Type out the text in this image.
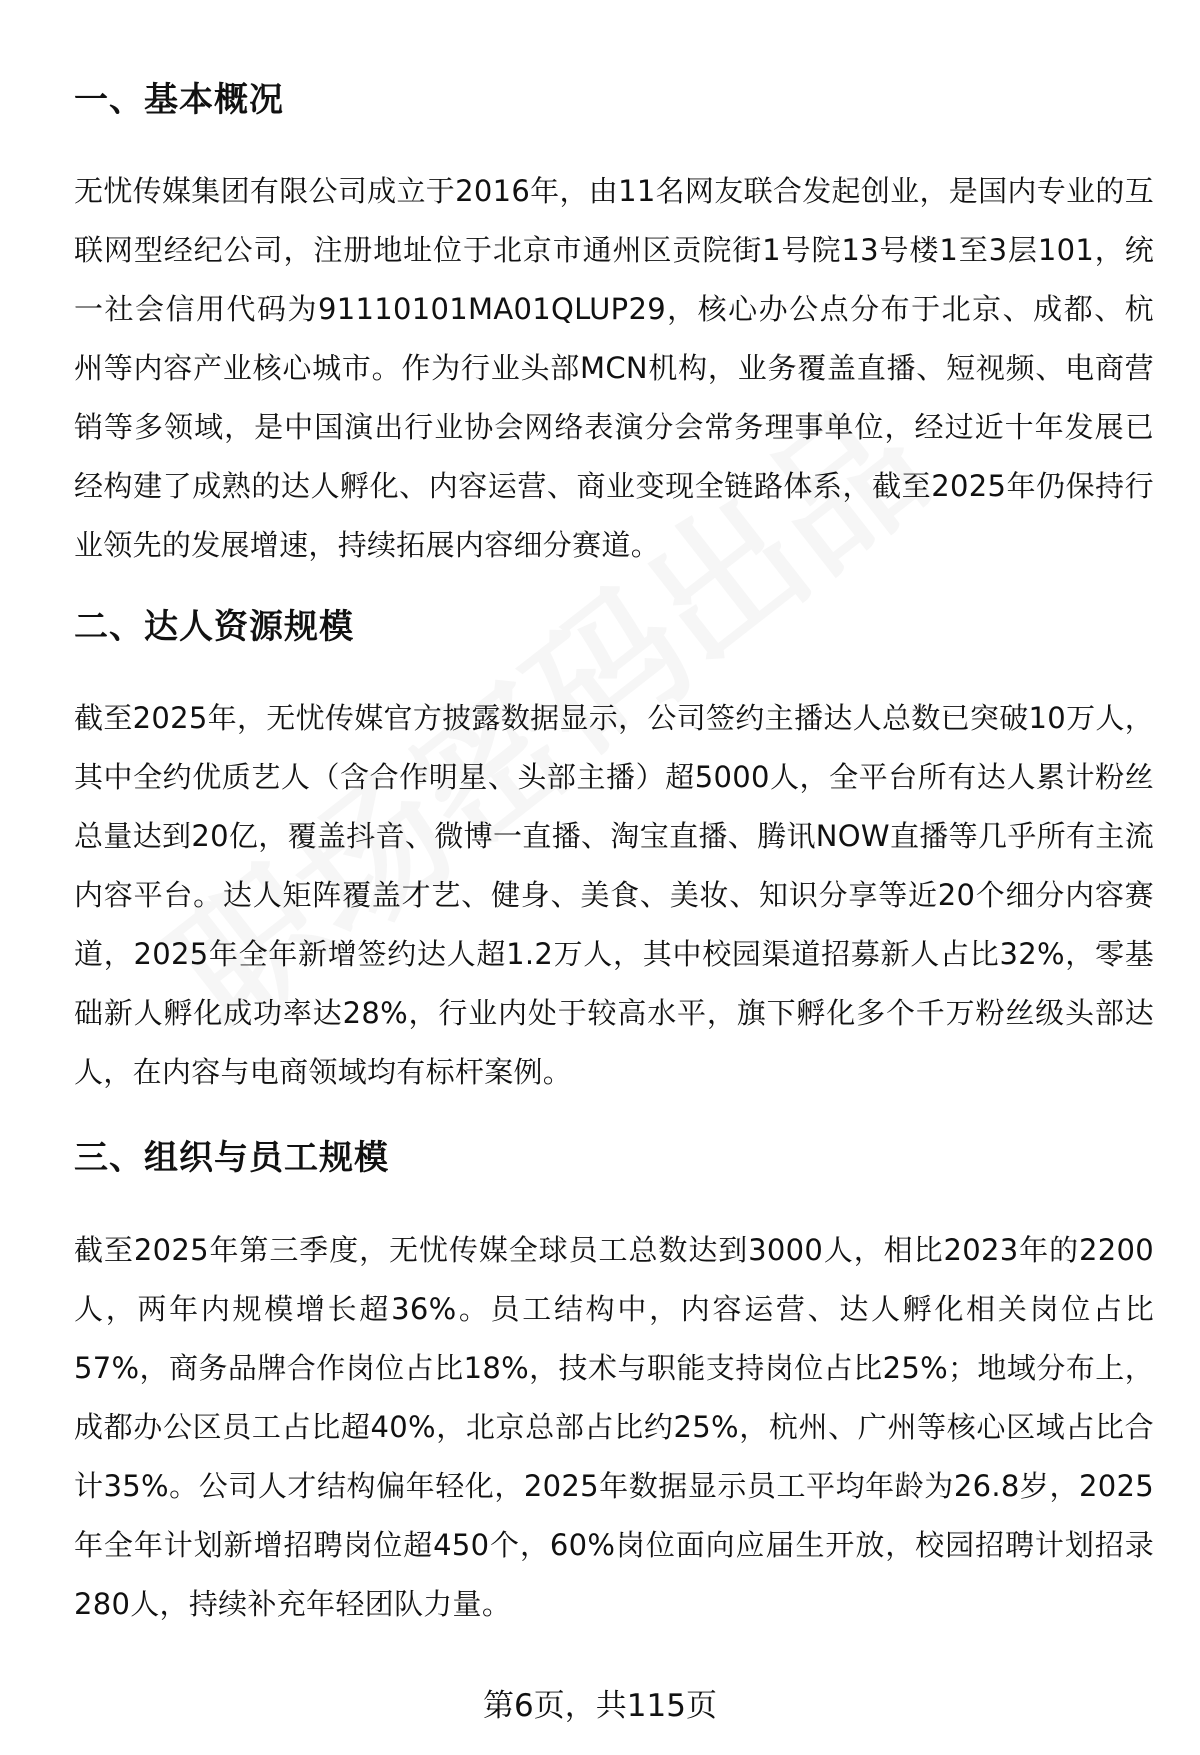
一、基本概况

无忧传媒集团有限公司成立于2016年，由11名网友联合发起创业，是国内专业的互联网型经纪公司，注册地址位于北京市通州区贡院街1号院13号楼1至3层101，统一社会信用代码为91110101MA01QLUP29，核心办公点分布于北京、成都、杭州等内容产业核心城市。作为行业头部MCN机构，业务覆盖直播、短视频、电商营销等多领域，是中国演出行业协会网络表演分会常务理事单位，经过近十年发展已经构建了成熟的达人孵化、内容运营、商业变现全链路体系，截至2025年仍保持行业领先的发展增速，持续拓展内容细分赛道。

二、达人资源规模

截至2025年，无忧传媒官方披露数据显示，公司签约主播达人总数已突破10万人，其中全约优质艺人（含合作明星、头部主播）超5000人，全平台所有达人累计粉丝总量达到20亿，覆盖抖音、微博一直播、淘宝直播、腾讯NOW直播等几乎所有主流内容平台。达人矩阵覆盖才艺、健身、美食、美妆、知识分享等近20个细分内容赛道，2025年全年新增签约达人超1.2万人，其中校园渠道招募新人占比32%，零基础新人孵化成功率达28%，行业内处于较高水平，旗下孵化多个千万粉丝级头部达人，在内容与电商领域均有标杆案例。

三、组织与员工规模

截至2025年第三季度，无忧传媒全球员工总数达到3000人，相比2023年的2200人，两年内规模增长超36%。员工结构中，内容运营、达人孵化相关岗位占比57%，商务品牌合作岗位占比18%，技术与职能支持岗位占比25%；地域分布上，成都办公区员工占比超40%，北京总部占比约25%，杭州、广州等核心区域占比合计35%。公司人才结构偏年轻化，2025年数据显示员工平均年龄为26.8岁，2025年全年计划新增招聘岗位超450个，60%岗位面向应届生开放，校园招聘计划招录280人，持续补充年轻团队力量。

第6页，共115页
